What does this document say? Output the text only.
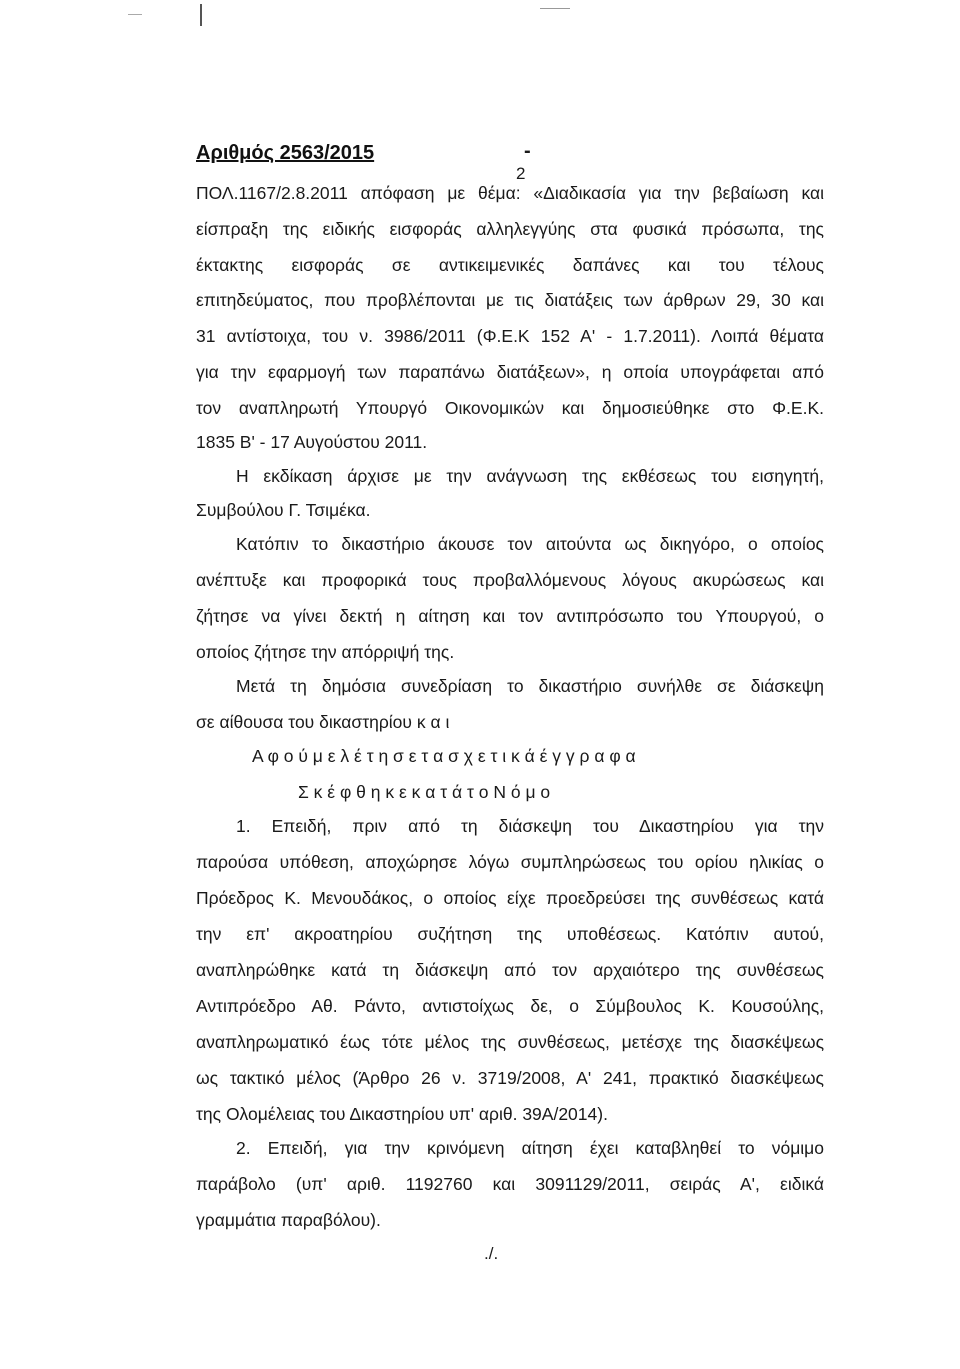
Αριθμός 2563/2015	-
2
ΠΟΛ.1167/2.8.2011 απόφαση με θέμα: «Διαδικασία για την βεβαίωση και
είσπραξη της ειδικής εισφοράς αλληλεγγύης στα φυσικά πρόσωπα, της
έκτακτης εισφοράς σε αντικειμενικές δαπάνες και του τέλους
επιτηδεύματος, που προβλέπονται με τις διατάξεις των άρθρων 29, 30 και
31 αντίστοιχα, του ν. 3986/2011 (Φ.Ε.Κ 152 Α' - 1.7.2011). Λοιπά θέματα
για την εφαρμογή των παραπάνω διατάξεων», η οποία υπογράφεται από
τον αναπληρωτή Υπουργό Οικονομικών και δημοσιεύθηκε στο Φ.Ε.Κ.
1835 Β' - 17 Αυγούστου 2011.
Η εκδίκαση άρχισε με την ανάγνωση της εκθέσεως του εισηγητή,
Συμβούλου Γ. Τσιμέκα.
Κατόπιν το δικαστήριο άκουσε τον αιτούντα ως δικηγόρο, ο οποίος
ανέπτυξε και προφορικά τους προβαλλόμενους λόγους ακυρώσεως και
ζήτησε να γίνει δεκτή η αίτηση και τον αντιπρόσωπο του Υπουργού, ο
οποίος ζήτησε την απόρριψή της.
Μετά τη δημόσια συνεδρίαση το δικαστήριο συνήλθε σε διάσκεψη
σε αίθουσα του δικαστηρίου κ α ι
Α φ ο ύ μ ε λ έ τ η σ ε τ α σ χ ε τ ι κ ά έ γ γ ρ α φ α
Σ κ έ φ θ η κ ε κ α τ ά τ ο Ν ό μ ο
1. Επειδή, πριν από τη διάσκεψη του Δικαστηρίου για την
παρούσα υπόθεση, αποχώρησε λόγω συμπληρώσεως του ορίου ηλικίας ο
Πρόεδρος Κ. Μενουδάκος, ο οποίος είχε προεδρεύσει της συνθέσεως κατά
την επ' ακροατηρίου συζήτηση της υποθέσεως. Κατόπιν αυτού,
αναπληρώθηκε κατά τη διάσκεψη από τον αρχαιότερο της συνθέσεως
Αντιπρόεδρο Αθ. Ράντο, αντιστοίχως δε, ο Σύμβουλος Κ. Κουσούλης,
αναπληρωματικό έως τότε μέλος της συνθέσεως, μετέσχε της διασκέψεως
ως τακτικό μέλος (Άρθρο 26 ν. 3719/2008, Α' 241, πρακτικό διασκέψεως
της Ολομέλειας του Δικαστηρίου υπ' αριθ. 39Α/2014).
2. Επειδή, για την κρινόμενη αίτηση έχει καταβληθεί το νόμιμο
παράβολο (υπ' αριθ. 1192760 και 3091129/2011, σειράς Α', ειδικά
γραμμάτια παραβόλου).
./.
